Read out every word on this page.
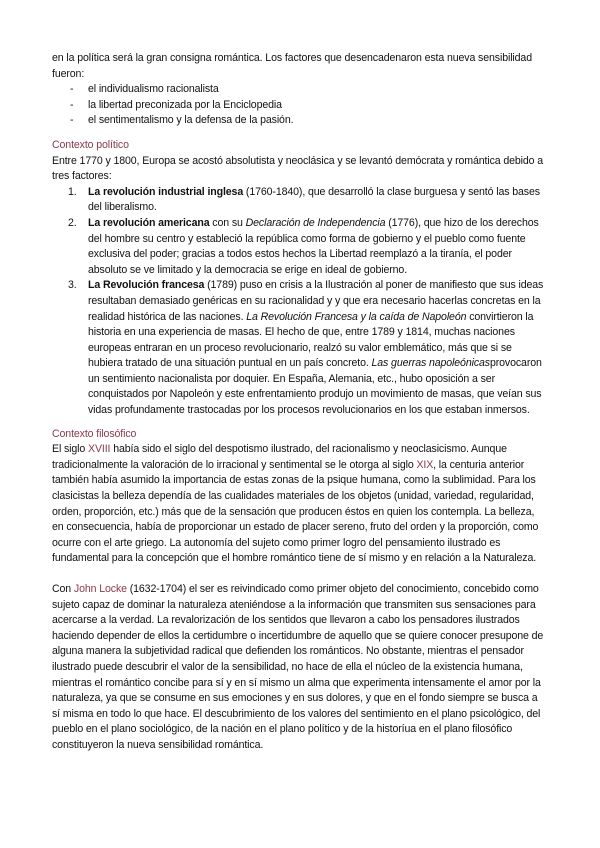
en la política será la gran consigna romántica. Los factores que desencadenaron esta nueva sensibilidad fueron:

-	el individualismo racionalista
-	la libertad preconizada por la Enciclopedia
-	el sentimentalismo y la defensa de la pasión.

Contexto político

Entre 1770 y 1800, Europa se acostó absolutista y neoclásica y se levantó demócrata y romántica debido a tres factores:

1.	La revolución industrial inglesa (1760-1840), que desarrolló la clase burguesa y sentó las bases del liberalismo.
2.	La revolución americana con su Declaración de Independencia (1776), que hizo de los derechos del hombre su centro y estableció la república como forma de gobierno y el pueblo como fuente exclusiva del poder; gracias a todos estos hechos la Libertad reemplazó a la tiranía, el poder absoluto se ve limitado y la democracia se erige en ideal de gobierno.
3.	La Revolución francesa (1789) puso en crisis a la Ilustración al poner de manifiesto que sus ideas resultaban demasiado genéricas en su racionalidad y y que era necesario hacerlas concretas en la realidad histórica de las naciones. La Revolución Francesa y la caída de Napoleón convirtieron la historia en una experiencia de masas. El hecho de que, entre 1789 y 1814, muchas naciones europeas entraran en un proceso revolucionario, realzó su valor emblemático, más que si se hubiera tratado de una situación puntual en un país concreto. Las guerras napoleónicasprovocaron un sentimiento nacionalista por doquier. En España, Alemania, etc., hubo oposición a ser conquistados por Napoleón y este enfrentamiento produjo un movimiento de masas, que veían sus vidas profundamente trastocadas por los procesos revolucionarios en los que estaban inmersos.

Contexto filosófico

El siglo XVIII había sido el siglo del despotismo ilustrado, del racionalismo y neoclasicismo. Aunque tradicionalmente la valoración de lo irracional y sentimental se le otorga al siglo XIX, la centuria anterior también había asumido la importancia de estas zonas de la psique humana, como la sublimidad. Para los clasicistas la belleza dependía de las cualidades materiales de los objetos (unidad, variedad, regularidad, orden, proporción, etc.) más que de la sensación que producen éstos en quien los contempla. La belleza, en consecuencia, había de proporcionar un estado de placer sereno, fruto del orden y la proporción, como ocurre con el arte griego. La autonomía del sujeto como primer logro del pensamiento ilustrado es fundamental para la concepción que el hombre romántico tiene de sí mismo y en relación a la Naturaleza.

Con John Locke (1632-1704) el ser es reivindicado como primer objeto del conocimiento, concebido como sujeto capaz de dominar la naturaleza ateniéndose a la información que transmiten sus sensaciones para acercarse a la verdad. La revalorización de los sentidos que llevaron a cabo los pensadores ilustrados haciendo depender de ellos la certidumbre o incertidumbre de aquello que se quiere conocer presupone de alguna manera la subjetividad radical que defienden los románticos. No obstante, mientras el pensador ilustrado puede descubrir el valor de la sensibilidad, no hace de ella el núcleo de la existencia humana, mientras el romántico concibe para sí y en sí mismo un alma que experimenta intensamente el amor por la naturaleza, ya que se consume en sus emociones y en sus dolores, y que en el fondo siempre se busca a sí misma en todo lo que hace. El descubrimiento de los valores del sentimiento en el plano psicológico, del pueblo en el plano sociológico, de la nación en el plano político y de la historíua en el plano filosófico constituyeron la nueva sensibilidad romántica.
